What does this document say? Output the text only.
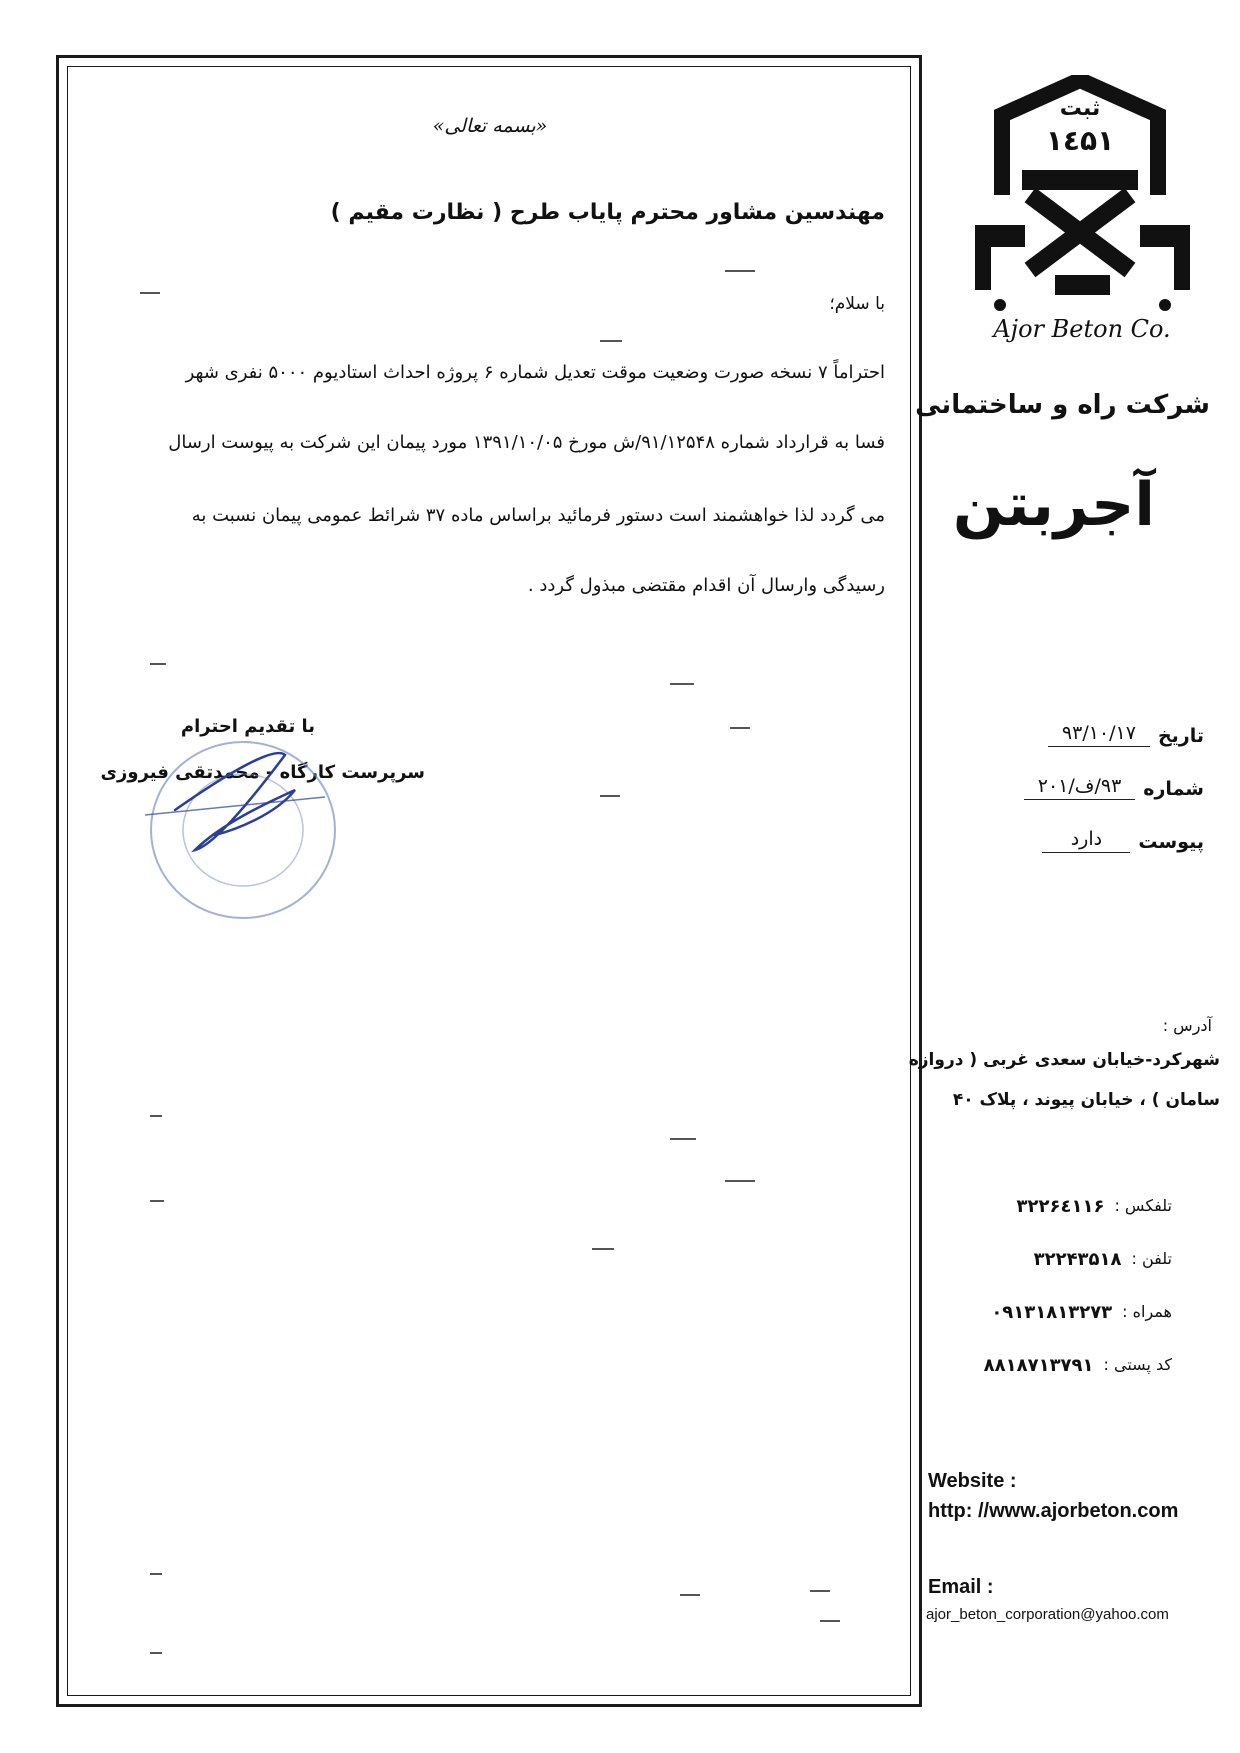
«بسمه تعالی»
مهندسین مشاور محترم پایاب طرح ( نظارت مقیم )
با سلام؛
احتراماً ۷ نسخه صورت وضعیت موقت تعدیل شماره ۶ پروژه احداث استادیوم ۵۰۰۰ نفری شهر
فسا به قرارداد شماره ۹۱/۱۲۵۴۸/ش مورخ ۱۳۹۱/۱۰/۰۵ مورد پیمان این شرکت به پیوست ارسال
می گردد لذا خواهشمند است دستور فرمائید براساس ماده ۳۷ شرائط عمومی پیمان نسبت به
رسیدگی وارسال آن اقدام مقتضی مبذول گردد .
با تقدیم احترام
سرپرست کارگاه - محمدتقی فیروزی
ثبت
۱٤۵۱
Ajor Beton Co.
شرکت راه و ساختمانی
آجربتن
تاریخ
۹۳/۱۰/۱۷
شماره
۹۳/ف/۲۰۱
پیوست
دارد
آدرس :
شهرکرد-خیابان سعدی غربی ( دروازه
سامان ) ، خیابان پیوند ، پلاک ۴۰
تلفکس :
۳۲۲۶٤۱۱۶
تلفن :
۳۲۲۴۳۵۱۸
همراه :
۰۹۱۳۱۸۱۳۲۷۳
کد پستی :
۸۸۱۸۷۱۳۷۹۱
Website :
http: //www.ajorbeton.com
Email :
ajor_beton_corporation@yahoo.com
